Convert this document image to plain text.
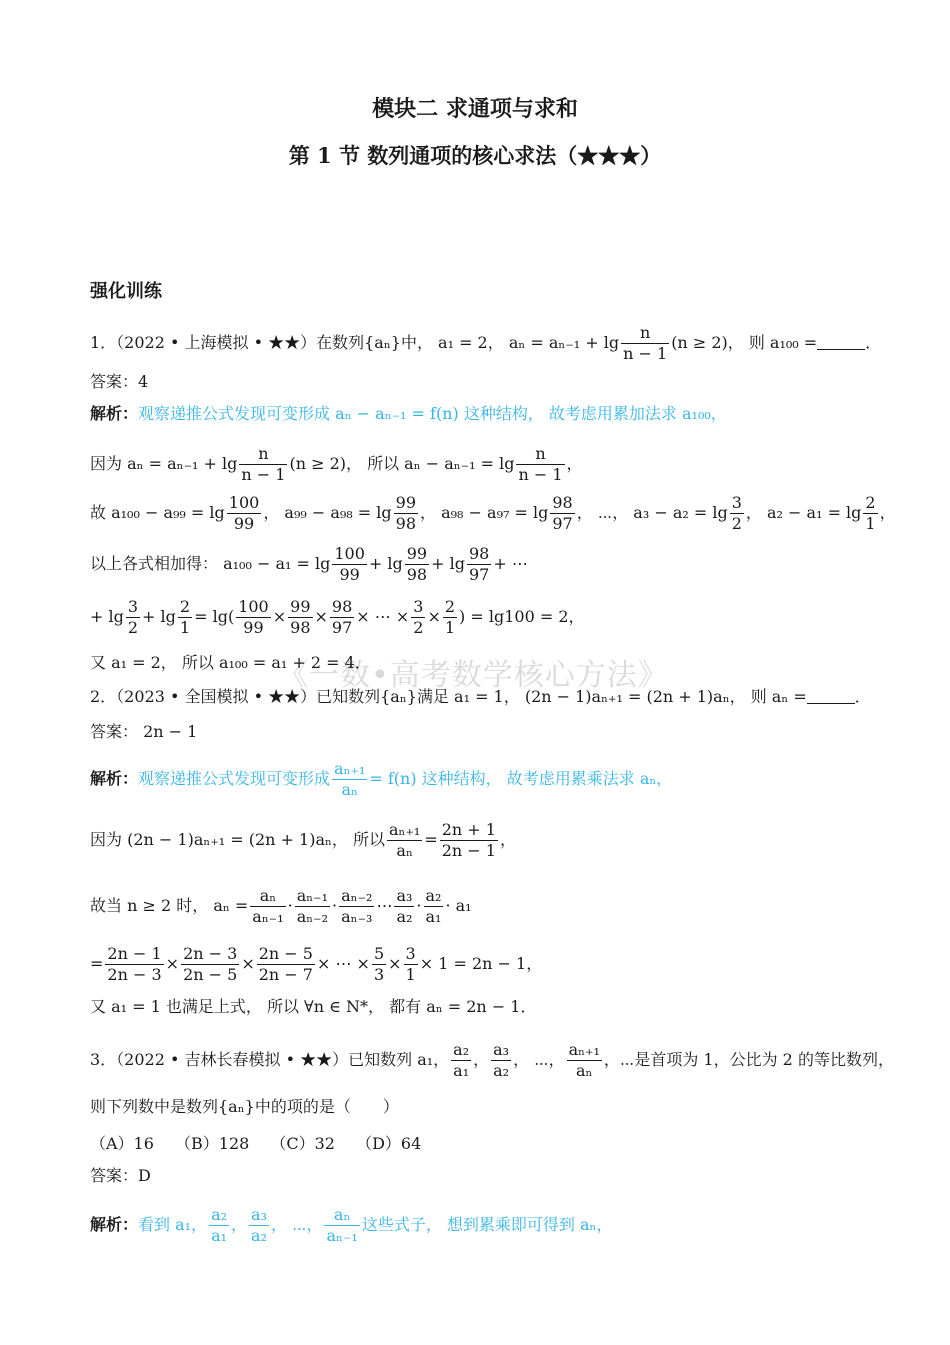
模块二 求通项与求和
第 1 节 数列通项的核心求法（★★★）
《一数•高考数学核心方法》
强化训练
1．（2022 • 上海模拟 • ★★）在数列{aₙ}中， a₁ = 2， $a_n = a_{n-1} + \lg \frac{n}{n - 1} (n \ge 2)$， 则 a₁₀₀ =	．
答案：4
解析：观察递推公式发现可变形成 aₙ − aₙ₋₁ = f(n) 这种结构， 故考虑用累加法求 a₁₀₀，
因为 $a_n = a_{n-1} + \lg \frac{n}{n - 1} (n \ge 2)$， 所以 $a_n - a_{n-1} = \lg \frac{n}{n - 1}$ ，
故 $a_{100} - a_{99} = \lg \frac{100}{99}$ ， $a_{99} - a_{98} = \lg \frac{99}{98}$ ， $a_{98} - a_{97} = \lg \frac{98}{97}$ ， ⋯， $a_3 - a_2 = \lg \frac{3}{2}$ ， $a_2 - a_1 = \lg \frac{2}{1}$ ，
以上各式相加得： $a_{100} - a_1 = \lg \frac{100}{99} + \lg \frac{99}{98} + \lg \frac{98}{97}$ + ⋯
+ $\lg \frac{3}{2} + \lg \frac{2}{1} = \lg( \frac{100}{99} \times \frac{99}{98} \times \frac{98}{97}$ × ⋯ × $\frac{3}{2} \times \frac{2}{1}$ ) = lg100 = 2，
又 a₁ = 2， 所以 a₁₀₀ = a₁ + 2 = 4．
2．（2023 • 全国模拟 • ★★）已知数列{aₙ}满足 a₁ = 1， (2n − 1)aₙ₊₁ = (2n + 1)aₙ， 则 aₙ =	．
答案： 2n − 1
解析：观察递推公式发现可变形成 $\frac{\text{aₙ₊₁}}{\text{aₙ}} = f(n)$ 这种结构， 故考虑用累乘法求 aₙ，
因为 (2n − 1)aₙ₊₁ = (2n + 1)aₙ， 所以 $\frac{\text{aₙ₊₁}}{\text{aₙ}} = \frac{2n + 1}{2n - 1}$ ，
故当 n ≥ 2 时， $a_n = \frac{\text{aₙ}}{\text{aₙ₋₁}} \cdot \frac{\text{aₙ₋₁}}{\text{aₙ₋₂}} \cdot \frac{\text{aₙ₋₂}}{\text{aₙ₋₃}}$ ⋯ $\frac{\text{a₃}}{\text{a₂}} \cdot \frac{\text{a₂}}{\text{a₁}} \cdot a_1$
= $\frac{2n - 1}{2n - 3} \times \frac{2n - 3}{2n - 5} \times \frac{2n - 5}{2n - 7}$ × ⋯ × $\frac{5}{3} \times \frac{3}{1} \times 1 = 2n - 1$，
又 a₁ = 1 也满足上式， 所以 ∀n ∈ N*， 都有 aₙ = 2n − 1．
3．（2022 • 吉林长春模拟 • ★★）已知数列 a₁， $\frac{\text{a₂}}{\text{a₁}}$ ， $\frac{\text{a₃}}{\text{a₂}}$ ， ⋯， $\frac{\text{aₙ₊₁}}{\text{aₙ}}$ ，⋯是首项为 1，公比为 2 的等比数列，
则下列数中是数列{aₙ}中的项的是（　　）
（A）16　 （B）128　 （C）32　 （D）64
答案：D
解析：看到 a₁， $\frac{\text{a₂}}{\text{a₁}}$ ， $\frac{\text{a₃}}{\text{a₂}}$ ， ⋯， $\frac{\text{aₙ}}{\text{aₙ₋₁}}$ 这些式子， 想到累乘即可得到 aₙ，
